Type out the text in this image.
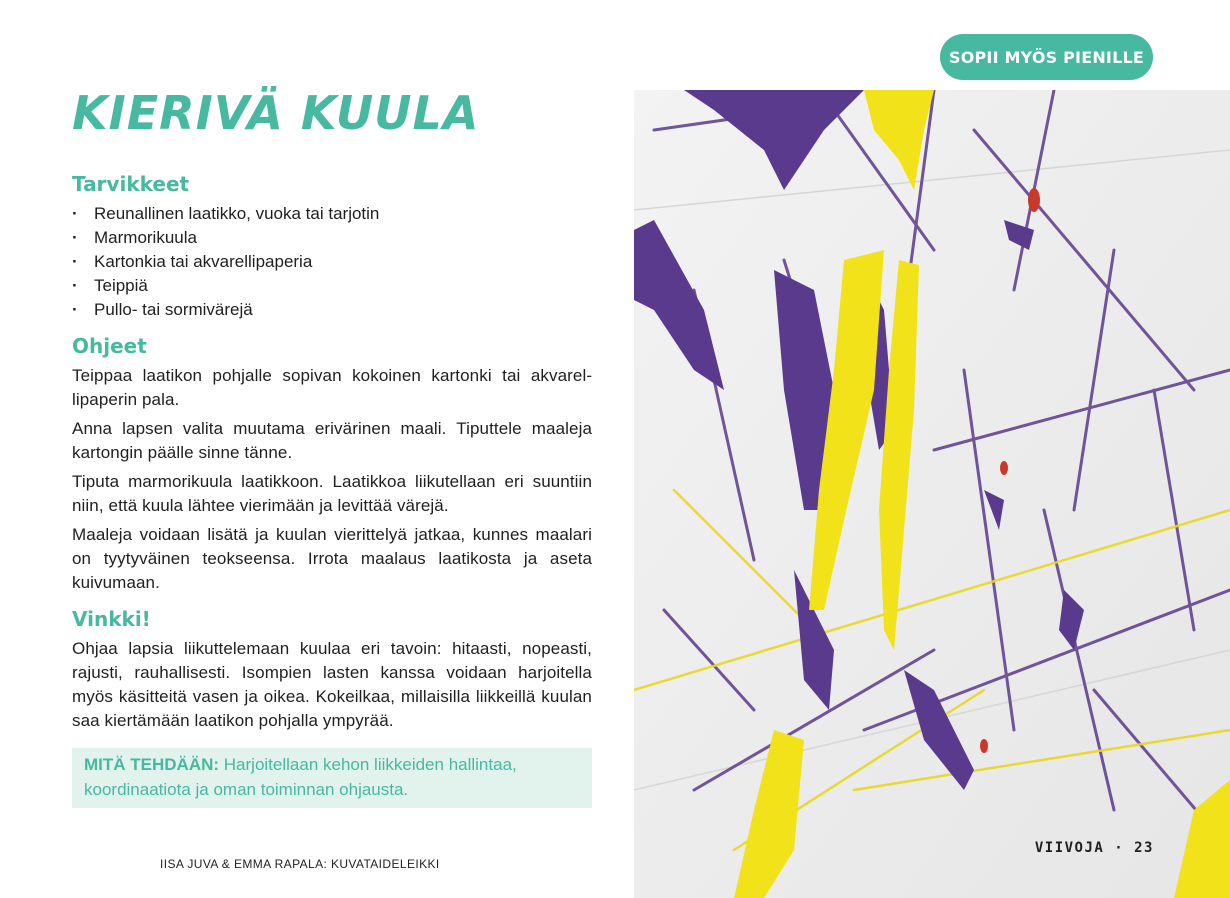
SOPII MYÖS PIENILLE
KIERIVÄ KUULA
Tarvikkeet
· Reunallinen laatikko, vuoka tai tarjotin
· Marmorikuula
· Kartonkia tai akvarellipaperia
· Teippiä
· Pullo- tai sormivärejä
Ohjeet

Teippaa laatikon pohjalle sopivan kokoinen kartonki tai akvarellipaperin pala.

Anna lapsen valita muutama erivärinen maali. Tiputtele maaleja kartongin päälle sinne tänne.

Tiputa marmorikuula laatikkoon. Laatikkoa liikutellaan eri suuntiin niin, että kuula lähtee vierimään ja levittää värejä.

Maaleja voidaan lisätä ja kuulan vierittelyä jatkaa, kunnes maalari on tyytyväinen teokseensa. Irrota maalaus laatikosta ja aseta kuivumaan.

Vinkki!

Ohjaa lapsia liikuttelemaan kuulaa eri tavoin: hitaasti, nopeasti, rajusti, rauhallisesti. Isompien lasten kanssa voidaan harjoitella myös käsitteitä vasen ja oikea. Kokeilkaa, millaisilla liikkeillä kuulan saa kiertämään laatikon pohjalla ympyrää.

MITÄ TEHDÄÄN: Harjoitellaan kehon liikkeiden hallintaa, koordinaatiota ja oman toiminnan ohjausta.
IISA JUVA & EMMA RAPALA: KUVATAIDELEIKKI
VIIVOJA · 23
